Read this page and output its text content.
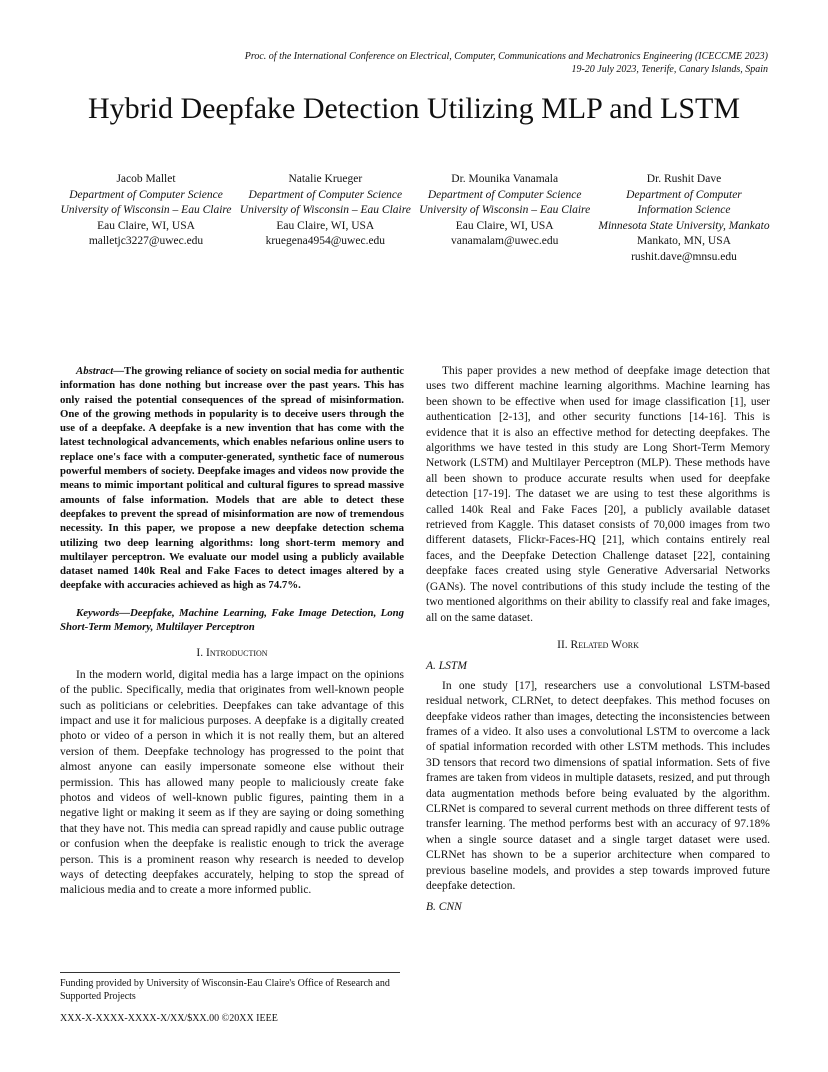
Proc. of the International Conference on Electrical, Computer, Communications and Mechatronics Engineering (ICECCME 2023)
19-20 July 2023, Tenerife, Canary Islands, Spain
Hybrid Deepfake Detection Utilizing MLP and LSTM
Jacob Mallet
Department of Computer Science
University of Wisconsin – Eau Claire
Eau Claire, WI, USA
malletjc3227@uwec.edu
Natalie Krueger
Department of Computer Science
University of Wisconsin – Eau Claire
Eau Claire, WI, USA
kruegena4954@uwec.edu
Dr. Mounika Vanamala
Department of Computer Science
University of Wisconsin – Eau Claire
Eau Claire, WI, USA
vanamalam@uwec.edu
Dr. Rushit Dave
Department of Computer Information Science
Minnesota State University, Mankato
Mankato, MN, USA
rushit.dave@mnsu.edu

Abstract—The growing reliance of society on social media for authentic information has done nothing but increase over the past years. This has only raised the potential consequences of the spread of misinformation. One of the growing methods in popularity is to deceive users through the use of a deepfake. A deepfake is a new invention that has come with the latest technological advancements, which enables nefarious online users to replace one's face with a computer-generated, synthetic face of numerous powerful members of society. Deepfake images and videos now provide the means to mimic important political and cultural figures to spread massive amounts of false information. Models that are able to detect these deepfakes to prevent the spread of misinformation are now of tremendous necessity. In this paper, we propose a new deepfake detection schema utilizing two deep learning algorithms: long short-term memory and multilayer perceptron. We evaluate our model using a publicly available dataset named 140k Real and Fake Faces to detect images altered by a deepfake with accuracies achieved as high as 74.7%.

Keywords—Deepfake, Machine Learning, Fake Image Detection, Long Short-Term Memory, Multilayer Perceptron

I. Introduction

In the modern world, digital media has a large impact on the opinions of the public. Specifically, media that originates from well-known people such as politicians or celebrities. Deepfakes can take advantage of this impact and use it for malicious purposes. A deepfake is a digitally created photo or video of a person in which it is not really them, but an altered version of them. Deepfake technology has progressed to the point that almost anyone can easily impersonate someone else without their permission. This has allowed many people to maliciously create fake photos and videos of well-known public figures, painting them in a negative light or making it seem as if they are saying or doing something that they have not. This media can spread rapidly and cause public outrage or confusion when the deepfake is realistic enough to trick the average person. This is a prominent reason why research is needed to develop ways of detecting deepfakes accurately, helping to stop the spread of malicious media and to create a more informed public.

This paper provides a new method of deepfake image detection that uses two different machine learning algorithms. Machine learning has been shown to be effective when used for image classification [1], user authentication [2-13], and other security functions [14-16]. This is evidence that it is also an effective method for detecting deepfakes. The algorithms we have tested in this study are Long Short-Term Memory Network (LSTM) and Multilayer Perceptron (MLP). These methods have all been shown to produce accurate results when used for deepfake detection [17-19]. The dataset we are using to test these algorithms is called 140k Real and Fake Faces [20], a publicly available dataset retrieved from Kaggle. This dataset consists of 70,000 images from two different datasets, Flickr-Faces-HQ [21], which contains entirely real faces, and the Deepfake Detection Challenge dataset [22], containing deepfake faces created using style Generative Adversarial Networks (GANs). The novel contributions of this study include the testing of the two mentioned algorithms on their ability to classify real and fake images, all on the same dataset.

II. Related Work
A. LSTM

In one study [17], researchers use a convolutional LSTM-based residual network, CLRNet, to detect deepfakes. This method focuses on deepfake videos rather than images, detecting the inconsistencies between frames of a video. It also uses a convolutional LSTM to overcome a lack of spatial information recorded with other LSTM methods. This includes 3D tensors that record two dimensions of spatial information. Sets of five frames are taken from videos in multiple datasets, resized, and put through data augmentation methods before being evaluated by the algorithm. CLRNet is compared to several current methods on three different tests of transfer learning. The method performs best with an accuracy of 97.18% when a single source dataset and a single target dataset were used. CLRNet has shown to be a superior architecture when compared to previous baseline models, and provides a step towards improved future deepfake detection.

B. CNN
Funding provided by University of Wisconsin-Eau Claire's Office of Research and Supported Projects
XXX-X-XXXX-XXXX-X/XX/$XX.00 ©20XX IEEE
